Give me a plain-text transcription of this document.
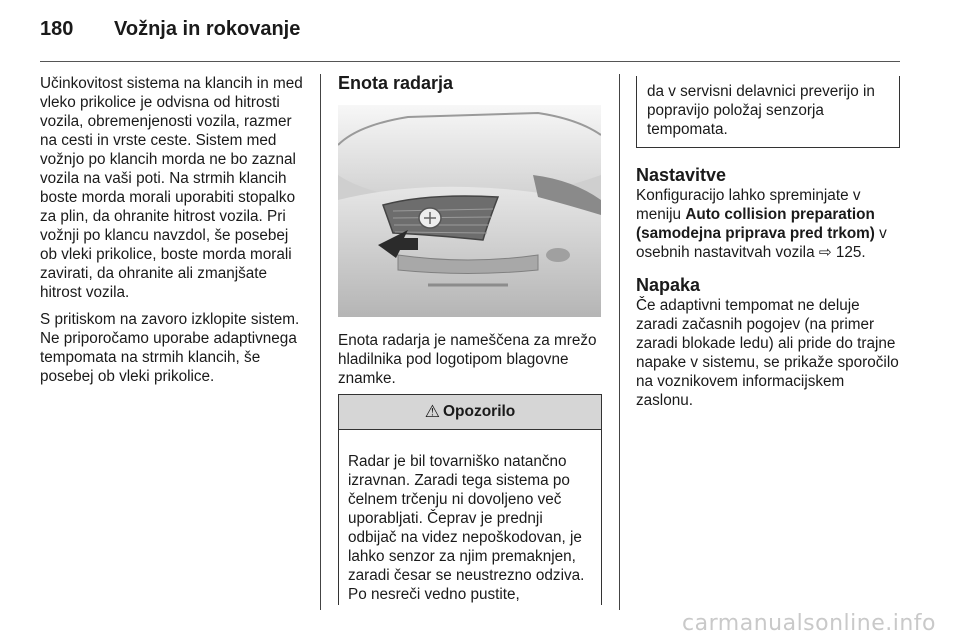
180	Vožnja in rokovanje

Učinkovitost sistema na klancih in med vleko prikolice je odvisna od hitrosti vozila, obremenjenosti vozila, razmer na cesti in vrste ceste. Sistem med vožnjo po klancih morda ne bo zaznal vozila na vaši poti. Na strmih klancih boste morda morali uporabiti stopalko za plin, da ohranite hitrost vozila. Pri vožnji po klancu navzdol, še posebej ob vleki prikolice, boste morda morali zavirati, da ohranite ali zmanjšate hitrost vozila.

S pritiskom na zavoro izklopite sistem. Ne priporočamo uporabe adaptivnega tempomata na strmih klancih, še posebej ob vleki prikolice.

Enota radarja

Enota radarja je nameščena za mrežo hladilnika pod logotipom blagovne znamke.

⚠ Opozorilo
Radar je bil tovarniško natančno izravnan. Zaradi tega sistema po čelnem trčenju ni dovoljeno več uporabljati. Čeprav je prednji odbijač na videz nepoškodovan, je lahko senzor za njim premaknjen, zaradi česar se neustrezno odziva. Po nesreči vedno pustite,
da v servisni delavnici preverijo in popravijo položaj senzorja tempomata.
Nastavitve

Konfiguracijo lahko spreminjate v meniju Auto collision preparation (samodejna priprava pred trkom) v osebnih nastavitvah vozila ⇨ 125.

Napaka

Če adaptivni tempomat ne deluje zaradi začasnih pogojev (na primer zaradi blokade ledu) ali pride do trajne napake v sistemu, se prikaže sporočilo na voznikovem informacijskem zaslonu.

carmanualsonline.info
